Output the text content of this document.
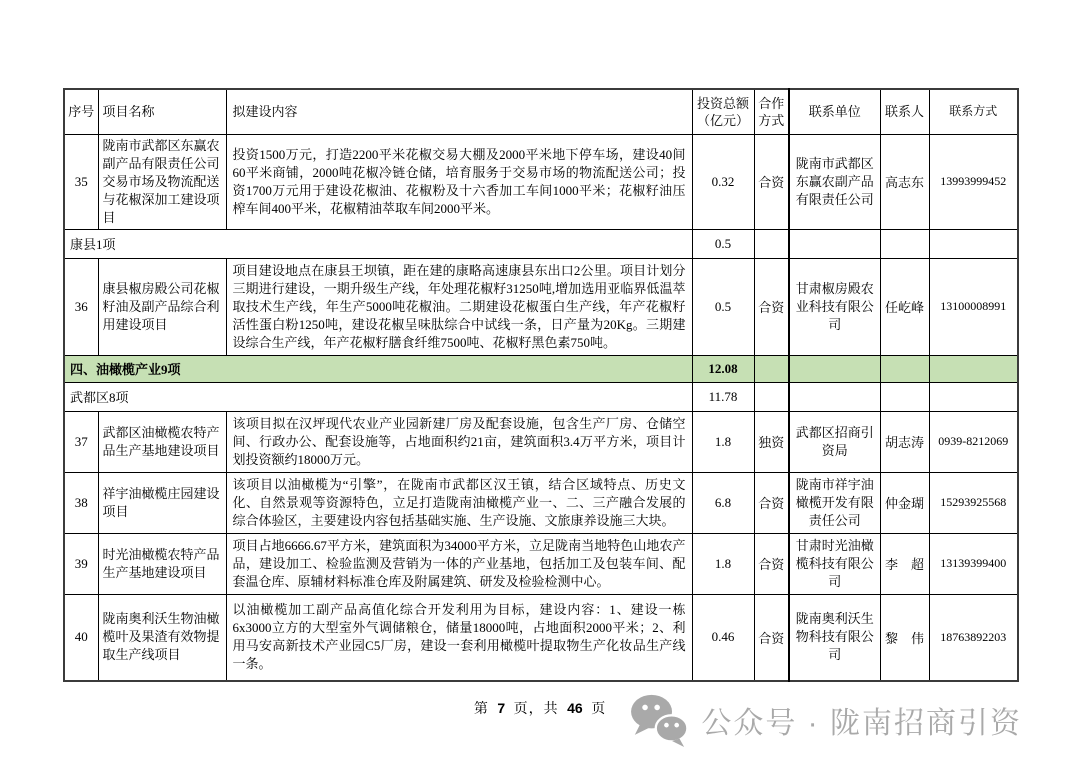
序号	项目名称	拟建设内容	投资总额（亿元）	合作方式	联系单位	联系人	联系方式
35	陇南市武都区东赢农副产品有限责任公司交易市场及物流配送与花椒深加工建设项目	投资1500万元，打造2200平米花椒交易大棚及2000平米地下停车场，建设40间60平米商铺，2000吨花椒冷链仓储，培育服务于交易市场的物流配送公司；投资1700万元用于建设花椒油、花椒粉及十六香加工车间1000平米；花椒籽油压榨车间400平米，花椒精油萃取车间2000平米。	0.32	合资	陇南市武都区东赢农副产品有限责任公司	高志东	13993999452
康县1项			0.5				
36	康县椒房殿公司花椒籽油及副产品综合利用建设项目	项目建设地点在康县王坝镇，距在建的康略高速康县东出口2公里。项目计划分三期进行建设，一期升级生产线，年处理花椒籽31250吨,增加选用亚临界低温萃取技术生产线，年生产5000吨花椒油。二期建设花椒蛋白生产线，年产花椒籽活性蛋白粉1250吨，建设花椒呈味肽综合中试线一条，日产量为20Kg。三期建设综合生产线，年产花椒籽膳食纤维7500吨、花椒籽黑色素750吨。	0.5	合资	甘肃椒房殿农业科技有限公司	任屹峰	13100008991
四、油橄榄产业9项			12.08				
武都区8项			11.78				
37	武都区油橄榄农特产品生产基地建设项目	该项目拟在汉坪现代农业产业园新建厂房及配套设施，包含生产厂房、仓储空间、行政办公、配套设施等，占地面积约21亩，建筑面积3.4万平方米，项目计划投资额约18000万元。	1.8	独资	武都区招商引资局	胡志涛	0939-8212069
38	祥宇油橄榄庄园建设项目	该项目以油橄榄为“引擎”，在陇南市武都区汉王镇，结合区域特点、历史文化、自然景观等资源特色，立足打造陇南油橄榄产业一、二、三产融合发展的综合体验区，主要建设内容包括基础实施、生产设施、文旅康养设施三大块。	6.8	合资	陇南市祥宇油橄榄开发有限责任公司	仲金瑚	15293925568
39	时光油橄榄农特产品生产基地建设项目	项目占地6666.67平方米，建筑面积为34000平方米，立足陇南当地特色山地农产品，建设加工、检验监测及营销为一体的产业基地，包括加工及包装车间、配套温仓库、原辅材料标准仓库及附属建筑、研发及检验检测中心。	1.8	合资	甘肃时光油橄榄科技有限公司	李　超	13139399400
40	陇南奥利沃生物油橄榄叶及果渣有效物提取生产线项目	以油橄榄加工副产品高值化综合开发利用为目标，建设内容：1、建设一栋6x3000立方的大型室外气调储粮仓，储量18000吨，占地面积2000平米；2、利用马安高新技术产业园C5厂房，建设一套利用橄榄叶提取物生产化妆品生产线一条。	0.46	合资	陇南奥利沃生物科技有限公司	黎　伟	18763892203
第 7 页，共 46 页	公众号 · 陇南招商引资
